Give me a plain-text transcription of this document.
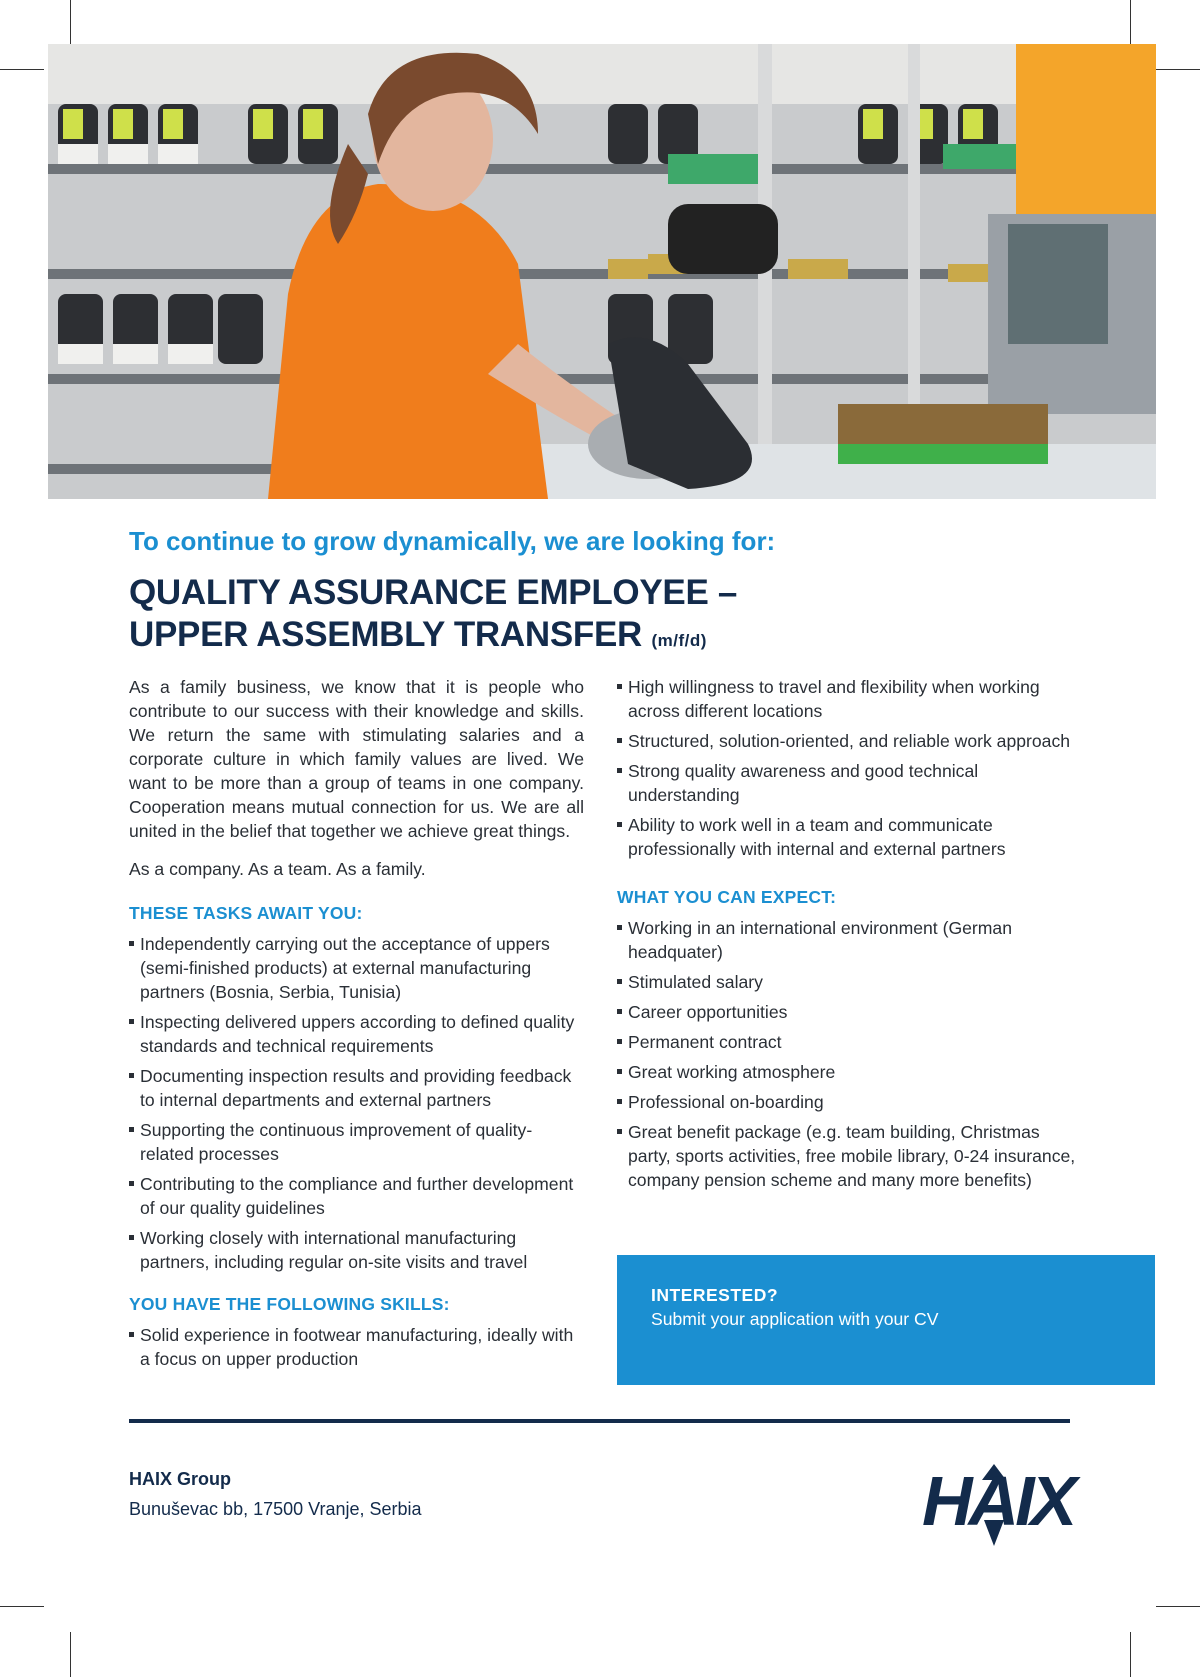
To continue to grow dynamically, we are looking for:
QUALITY ASSURANCE EMPLOYEE –
UPPER ASSEMBLY TRANSFER (m/f/d)

As a family business, we know that it is people who contribute to our success with their knowledge and skills. We return the same with stimulating salaries and a corporate culture in which family values are lived. We want to be more than a group of teams in one company. Cooperation means mutual connection for us. We are all united in the belief that together we achieve great things.

As a company. As a team. As a family.

THESE TASKS AWAIT YOU:
Independently carrying out the acceptance of uppers (semi-finished products) at external manufacturing partners (Bosnia, Serbia, Tunisia)
Inspecting delivered uppers according to defined quality standards and technical requirements
Documenting inspection results and providing feedback to internal departments and external partners
Supporting the continuous improvement of quality-related processes
Contributing to the compliance and further development of our quality guidelines
Working closely with international manufacturing partners, including regular on-site visits and travel
YOU HAVE THE FOLLOWING SKILLS:
Solid experience in footwear manufacturing, ideally with a focus on upper production
High willingness to travel and flexibility when working across different locations
Structured, solution-oriented, and reliable work approach
Strong quality awareness and good technical understanding
Ability to work well in a team and communicate professionally with internal and external partners
WHAT YOU CAN EXPECT:
Working in an international environment (German headquater)
Stimulated salary
Career opportunities
Permanent contract
Great working atmosphere
Professional on-boarding
Great benefit package (e.g. team building, Christmas party, sports activities, free mobile library, 0-24 insurance, company pension scheme and many more benefits)
INTERESTED?
Submit your application with your CV
HAIX Group
Bunuševac bb, 17500 Vranje, Serbia	HAIX
